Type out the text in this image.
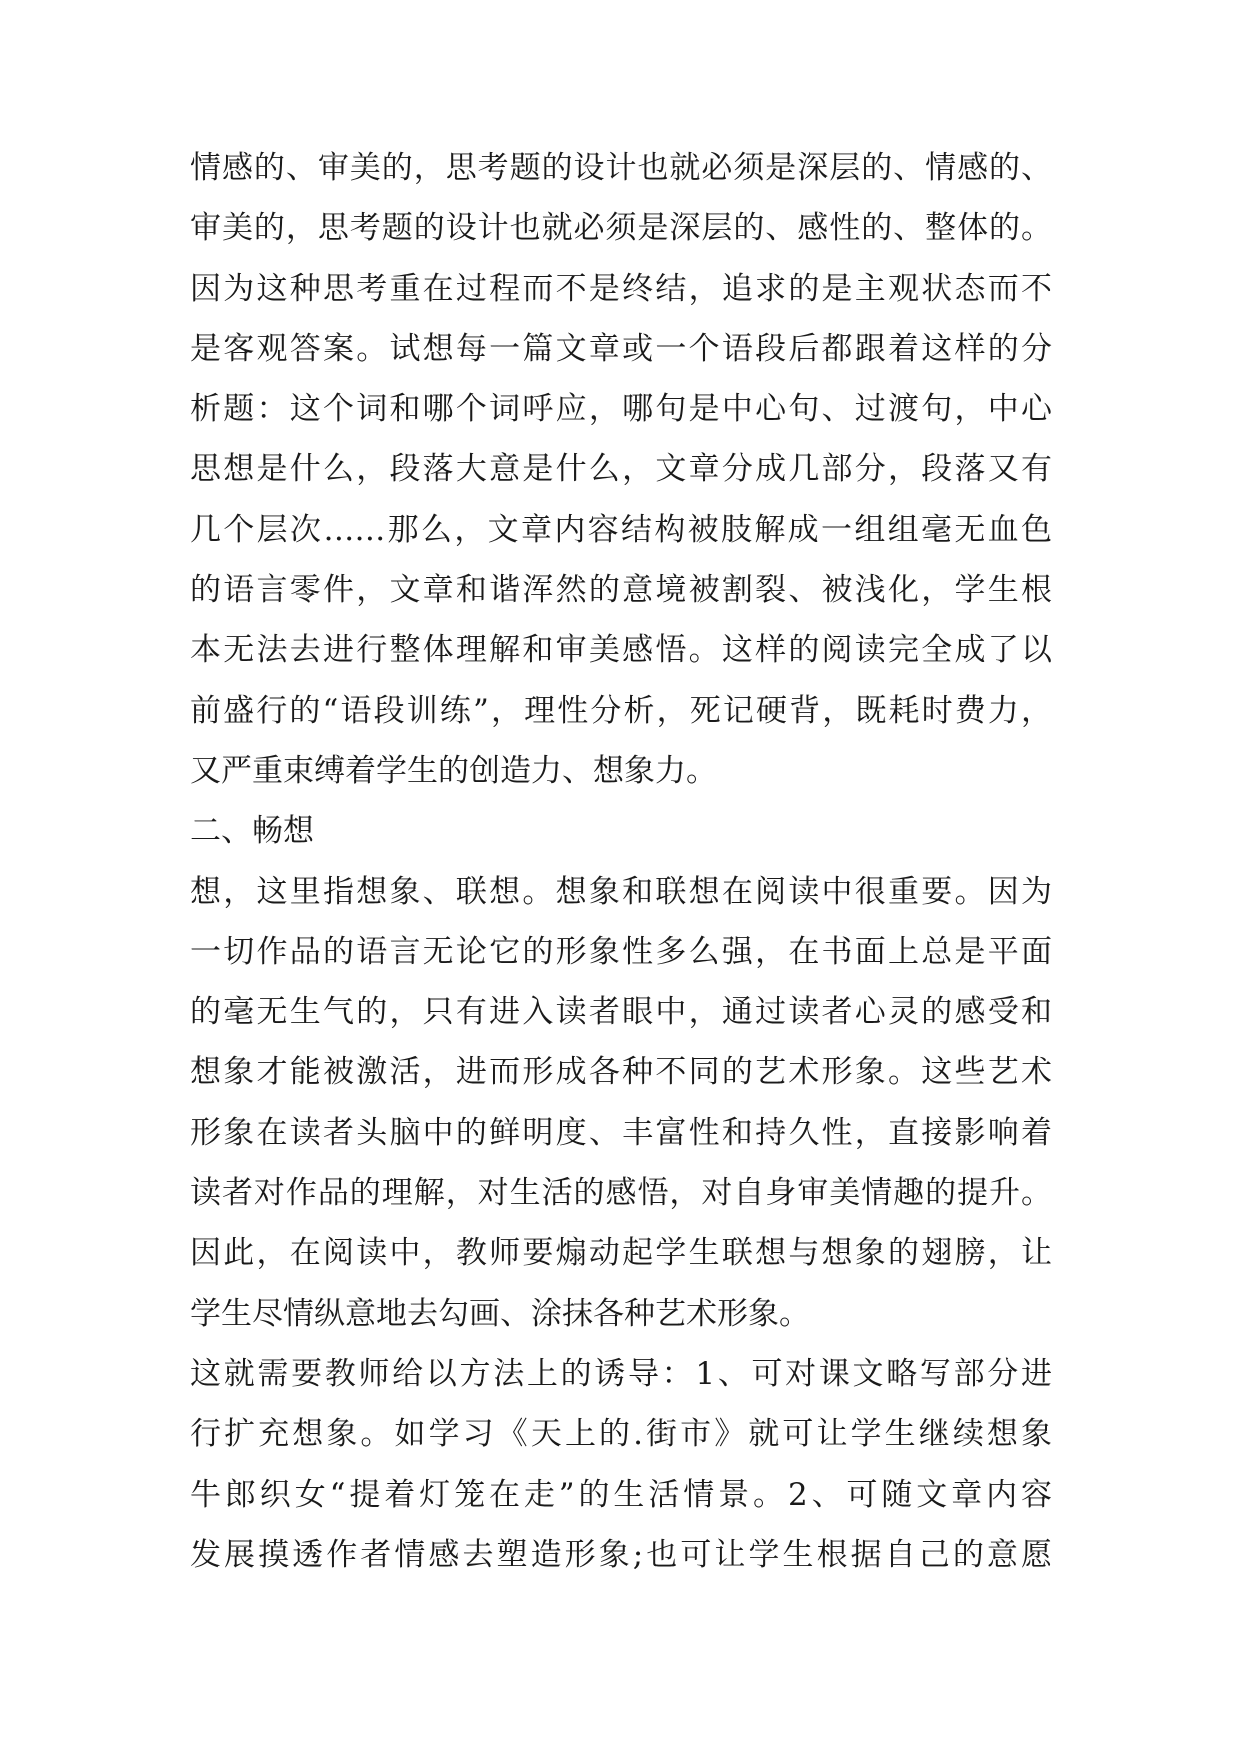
情感的、审美的，思考题的设计也就必须是深层的、情感的、
审美的，思考题的设计也就必须是深层的、感性的、整体的。
因为这种思考重在过程而不是终结，追求的是主观状态而不
是客观答案。试想每一篇文章或一个语段后都跟着这样的分
析题：这个词和哪个词呼应，哪句是中心句、过渡句，中心
思想是什么，段落大意是什么，文章分成几部分，段落又有
几个层次……那么，文章内容结构被肢解成一组组毫无血色
的语言零件，文章和谐浑然的意境被割裂、被浅化，学生根
本无法去进行整体理解和审美感悟。这样的阅读完全成了以
前盛行的“语段训练”，理性分析，死记硬背，既耗时费力，
又严重束缚着学生的创造力、想象力。
二、畅想
想，这里指想象、联想。想象和联想在阅读中很重要。因为
一切作品的语言无论它的形象性多么强，在书面上总是平面
的毫无生气的，只有进入读者眼中，通过读者心灵的感受和
想象才能被激活，进而形成各种不同的艺术形象。这些艺术
形象在读者头脑中的鲜明度、丰富性和持久性，直接影响着
读者对作品的理解，对生活的感悟，对自身审美情趣的提升。
因此，在阅读中，教师要煽动起学生联想与想象的翅膀，让
学生尽情纵意地去勾画、涂抹各种艺术形象。
这就需要教师给以方法上的诱导：1、可对课文略写部分进
行扩充想象。如学习《天上的.街市》就可让学生继续想象
牛郎织女“提着灯笼在走”的生活情景。2、可随文章内容
发展摸透作者情感去塑造形象;也可让学生根据自己的意愿
